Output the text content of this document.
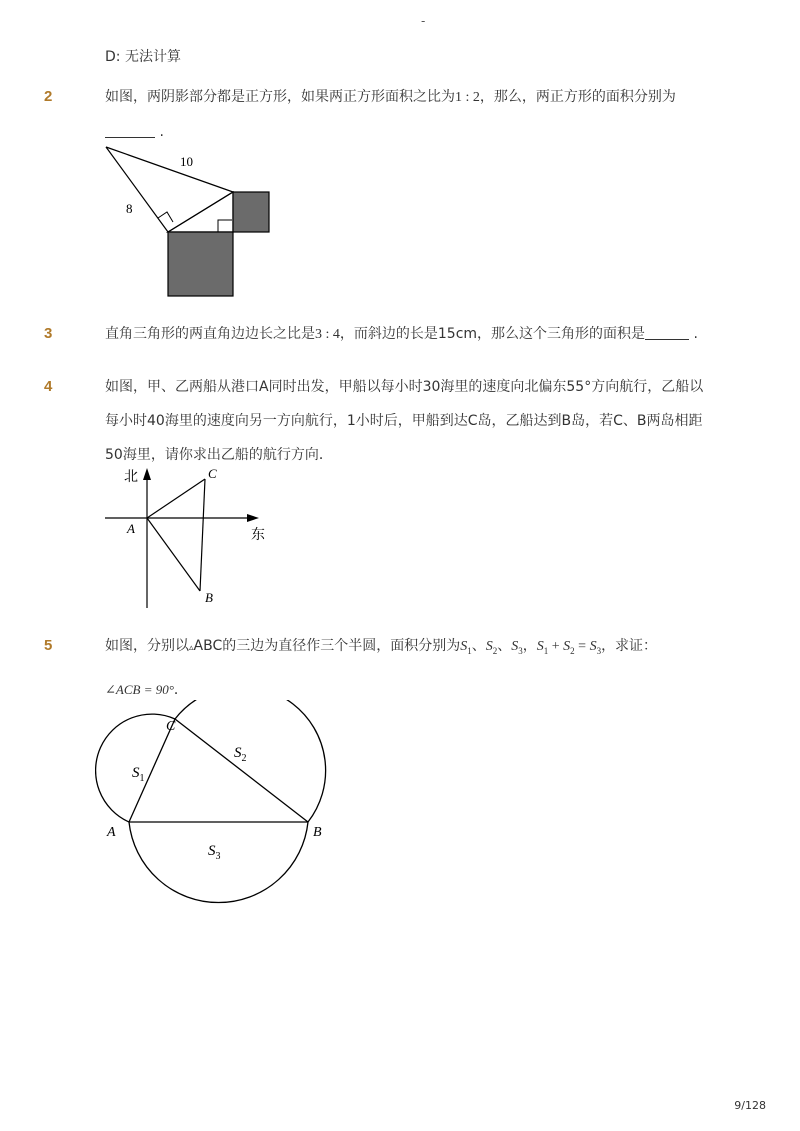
-
D: 无法计算
2	如图，两阴影部分都是正方形，如果两正方形面积之比为1 : 2，那么，两正方形的面积分别为
.
10
8
3	直角三角形的两直角边边长之比是3 : 4，而斜边的长是15cm，那么这个三角形的面积是	.
4	如图，甲、乙两船从港口A同时出发，甲船以每小时30海里的速度向北偏东55°方向航行，乙船以
每小时40海里的速度向另一方向航行，1小时后，甲船到达C岛，乙船达到B岛，若C、B两岛相距
50海里，请你求出乙船的航行方向．
北
东
A
C
B
5	如图，分别以▵ABC的三边为直径作三个半圆，面积分别为$S_1$、$S_2$、$S_3$，$S_1 + S_2 = S_3$，求证：
∠ACB = 90°．
C
A	B
$S_1$
$S_2$
$S_3$
9/128
